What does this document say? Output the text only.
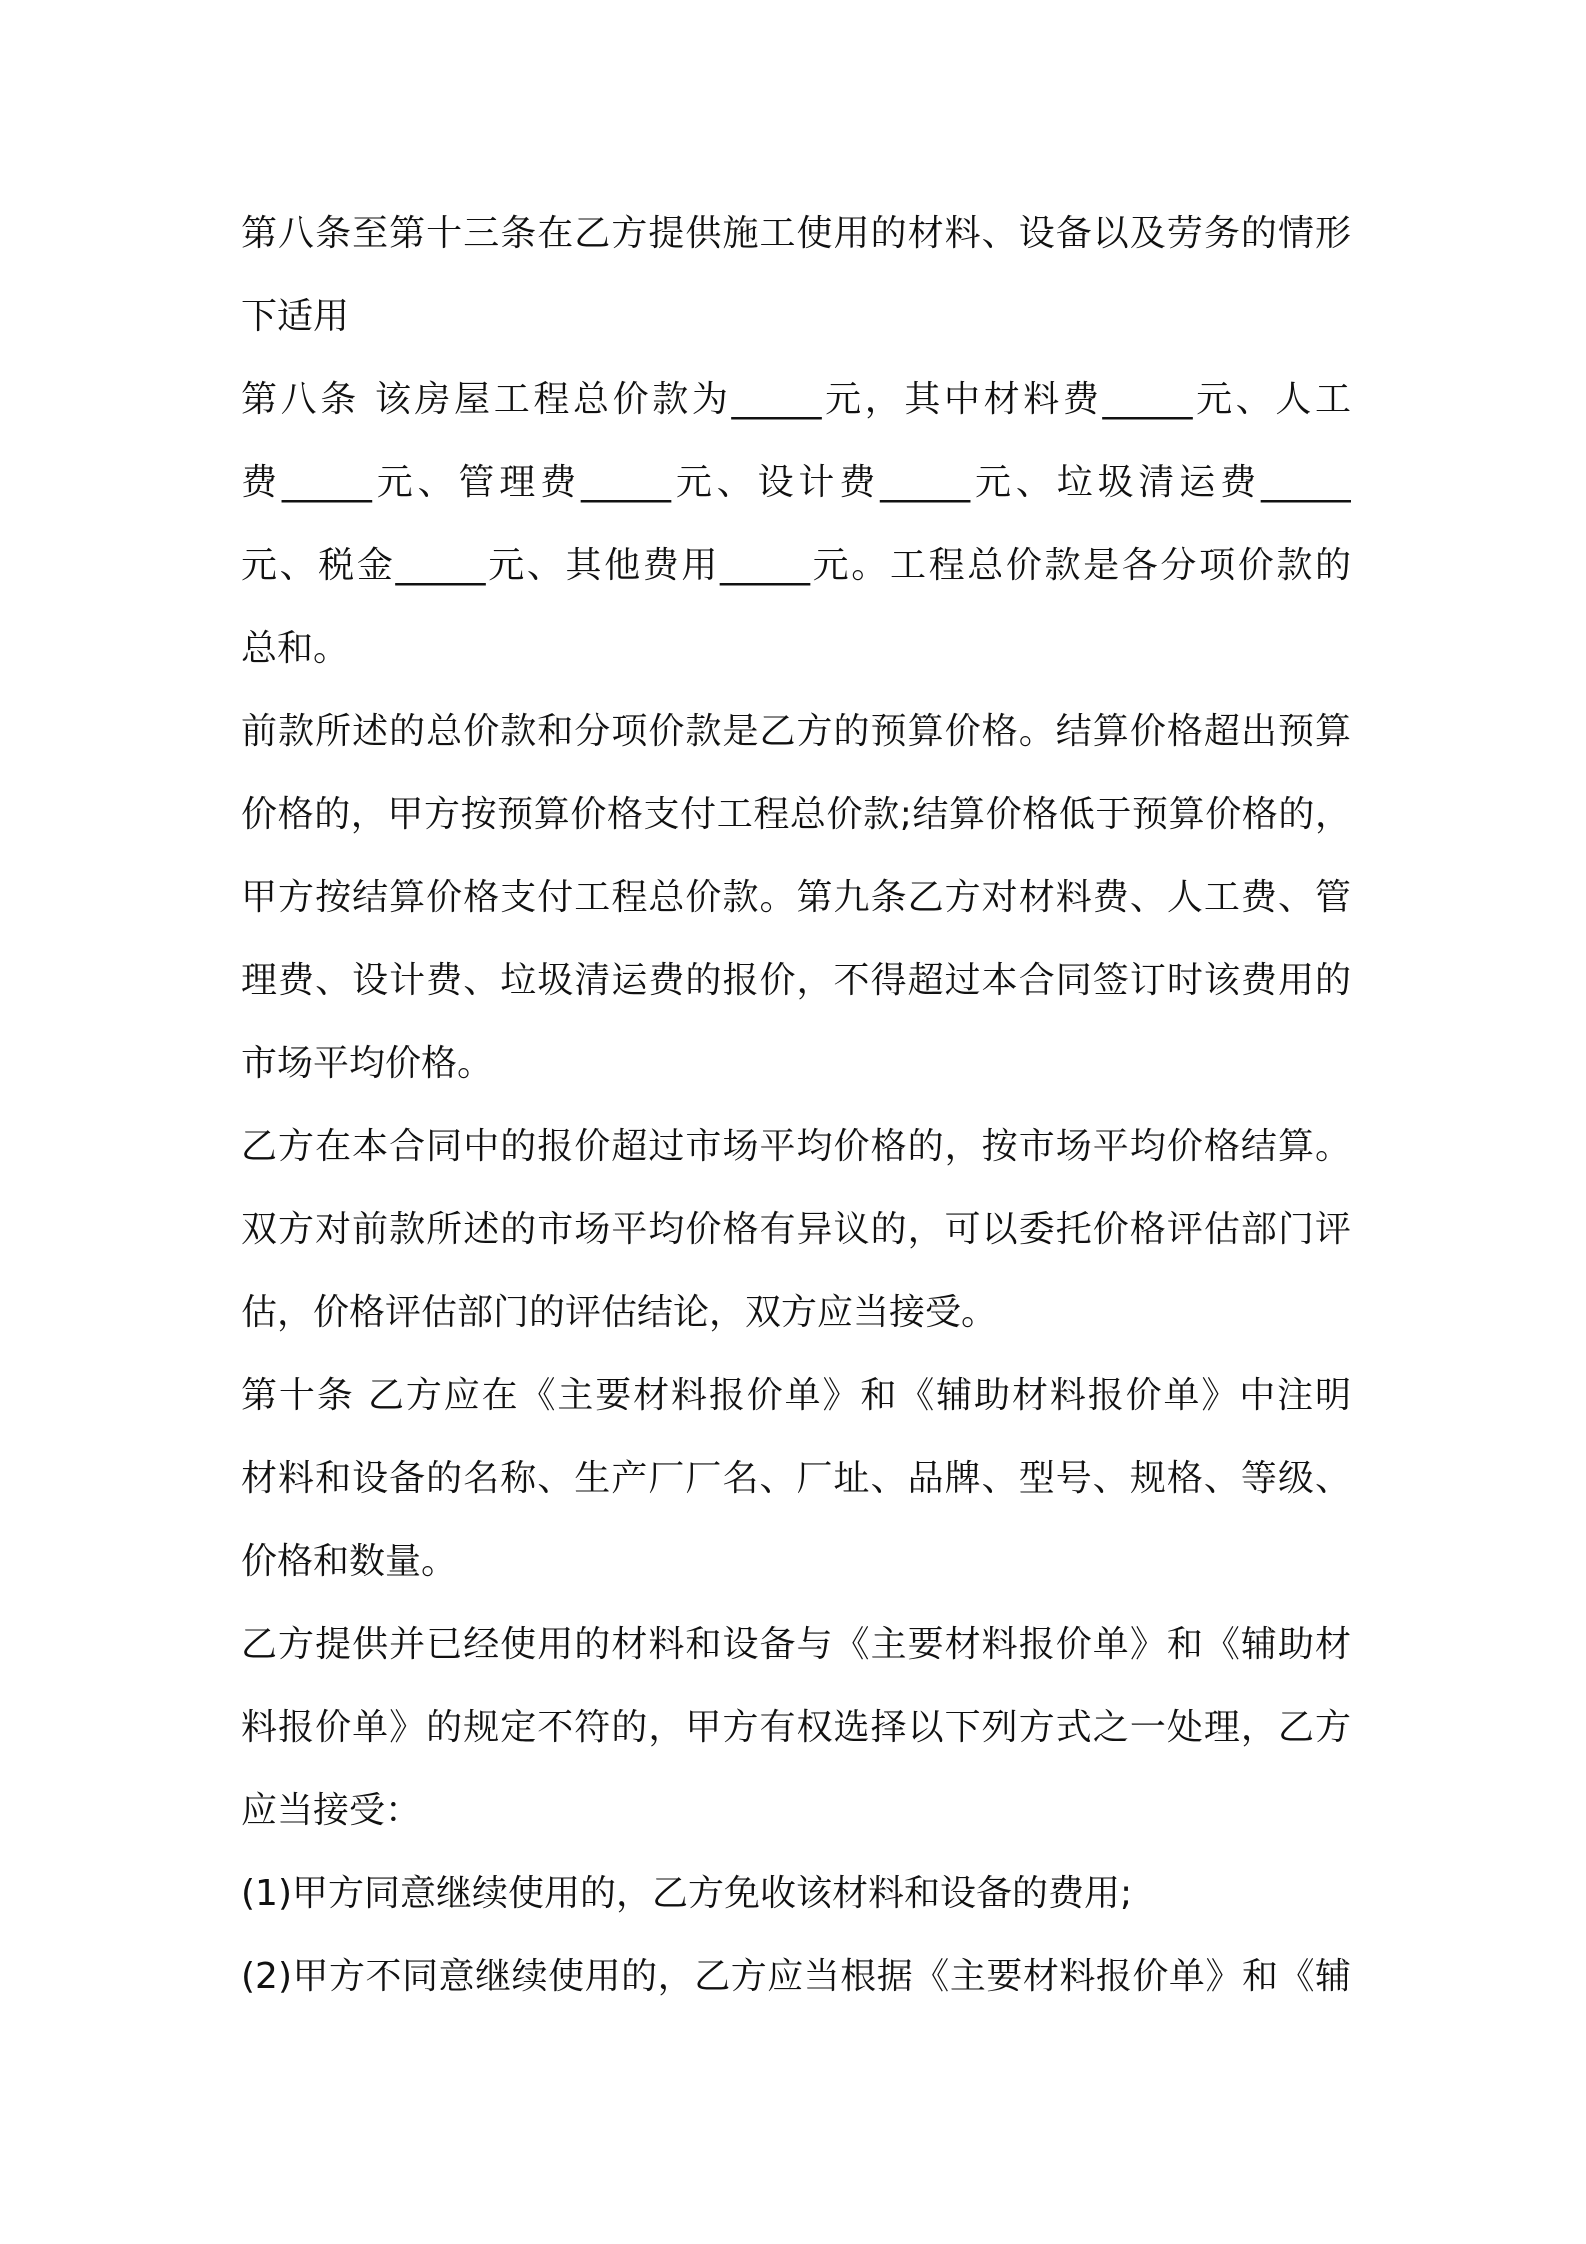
第八条至第十三条在乙方提供施工使用的材料、设备以及劳务的情形
下适用
第八条 该房屋工程总价款为_____元，其中材料费_____元、人工
费_____元、管理费_____元、设计费_____元、垃圾清运费_____
元、税金_____元、其他费用_____元。工程总价款是各分项价款的
总和。
前款所述的总价款和分项价款是乙方的预算价格。结算价格超出预算
价格的，甲方按预算价格支付工程总价款;结算价格低于预算价格的，
甲方按结算价格支付工程总价款。第九条乙方对材料费、人工费、管
理费、设计费、垃圾清运费的报价，不得超过本合同签订时该费用的
市场平均价格。
乙方在本合同中的报价超过市场平均价格的，按市场平均价格结算。
双方对前款所述的市场平均价格有异议的，可以委托价格评估部门评
估，价格评估部门的评估结论，双方应当接受。
第十条 乙方应在《主要材料报价单》和《辅助材料报价单》中注明
材料和设备的名称、生产厂厂名、厂址、品牌、型号、规格、等级、
价格和数量。
乙方提供并已经使用的材料和设备与《主要材料报价单》和《辅助材
料报价单》的规定不符的，甲方有权选择以下列方式之一处理，乙方
应当接受：
(1)甲方同意继续使用的，乙方免收该材料和设备的费用;
(2)甲方不同意继续使用的，乙方应当根据《主要材料报价单》和《辅
